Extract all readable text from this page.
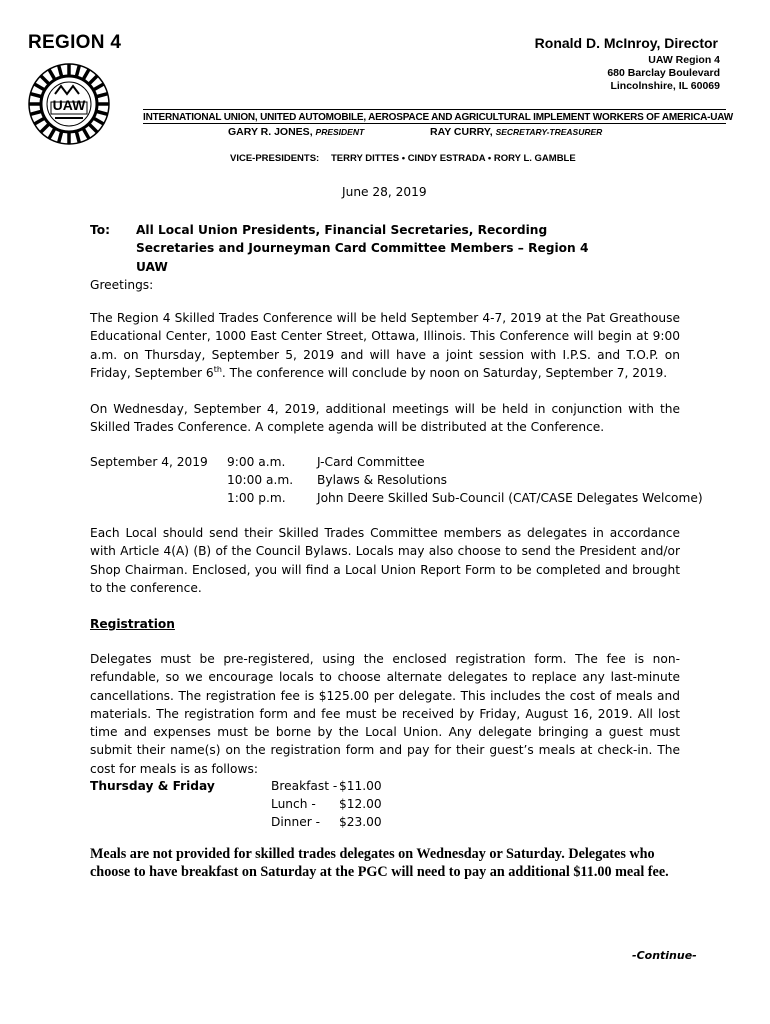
REGION 4
UAW
Ronald D. McInroy, Director
UAW Region 4
680 Barclay Boulevard
Lincolnshire, IL 60069
INTERNATIONAL UNION, UNITED AUTOMOBILE, AEROSPACE AND AGRICULTURAL IMPLEMENT WORKERS OF AMERICA-UAW
GARY R. JONES, PRESIDENT	RAY CURRY, SECRETARY-TREASURER
VICE-PRESIDENTS: TERRY DITTES • CINDY ESTRADA • RORY L. GAMBLE
June 28, 2019
To: All Local Union Presidents, Financial Secretaries, Recording Secretaries and Journeyman Card Committee Members – Region 4 UAW
Greetings:
The Region 4 Skilled Trades Conference will be held September 4-7, 2019 at the Pat Greathouse Educational Center, 1000 East Center Street, Ottawa, Illinois. This Conference will begin at 9:00 a.m. on Thursday, September 5, 2019 and will have a joint session with I.P.S. and T.O.P. on Friday, September 6th. The conference will conclude by noon on Saturday, September 7, 2019.
On Wednesday, September 4, 2019, additional meetings will be held in conjunction with the Skilled Trades Conference. A complete agenda will be distributed at the Conference.
September 4, 2019 9:00 a.m.	J-Card Committee
10:00 a.m. Bylaws & Resolutions
1:00 p.m.	John Deere Skilled Sub-Council (CAT/CASE Delegates Welcome)
Each Local should send their Skilled Trades Committee members as delegates in accordance with Article 4(A) (B) of the Council Bylaws. Locals may also choose to send the President and/or Shop Chairman. Enclosed, you will find a Local Union Report Form to be completed and brought to the conference.
Registration
Delegates must be pre-registered, using the enclosed registration form. The fee is non-refundable, so we encourage locals to choose alternate delegates to replace any last-minute cancellations. The registration fee is $125.00 per delegate. This includes the cost of meals and materials. The registration form and fee must be received by Friday, August 16, 2019. All lost time and expenses must be borne by the Local Union. Any delegate bringing a guest must submit their name(s) on the registration form and pay for their guest’s meals at check-in. The cost for meals is as follows:
Thursday & Friday	Breakfast - $11.00
Lunch - $12.00
Dinner - $23.00
Meals are not provided for skilled trades delegates on Wednesday or Saturday. Delegates who choose to have breakfast on Saturday at the PGC will need to pay an additional $11.00 meal fee.
-Continue-
